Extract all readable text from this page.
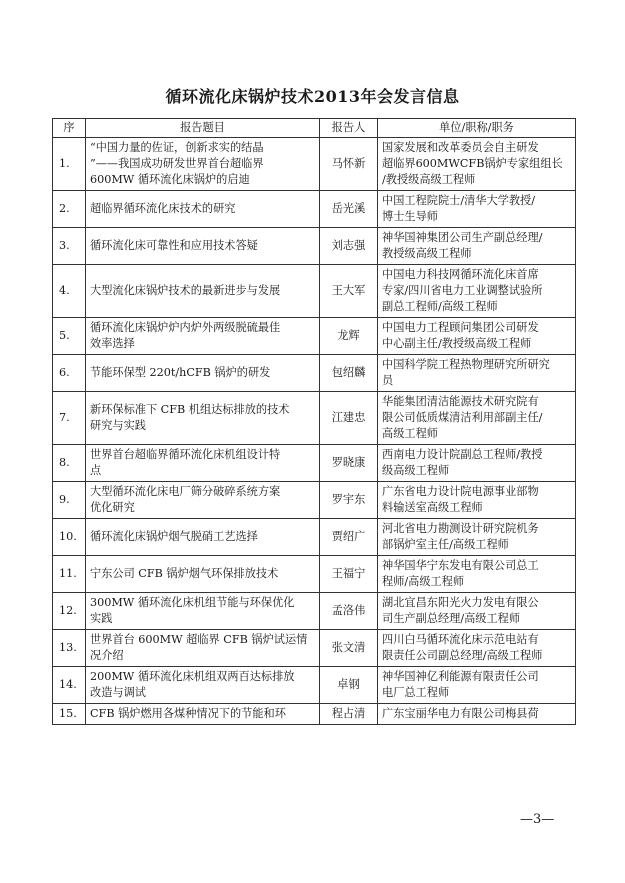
循环流化床锅炉技术2013年会发言信息
序	报告题目	报告人	单位/职称/职务
1.	“中国力量的佐证，创新求实的结晶
”——我国成功研发世界首台超临界
600MW 循环流化床锅炉的启迪	马怀新	国家发展和改革委员会自主研发
超临界600MWCFB锅炉专家组组长
/教授级高级工程师

2.	超临界循环流化床技术的研究	岳光溪	中国工程院院士/清华大学教授/
博士生导师

3.	循环流化床可靠性和应用技术答疑	刘志强	神华国神集团公司生产副总经理/
教授级高级工程师

4.	大型流化床锅炉技术的最新进步与发展	王大军	中国电力科技网循环流化床首席
专家/四川省电力工业调整试验所
副总工程师/高级工程师

5.	循环流化床锅炉炉内炉外两级脱硫最佳
效率选择	龙辉	中国电力工程顾问集团公司研发
中心副主任/教授级高级工程师

6.	节能环保型 220t/hCFB 锅炉的研发	包绍麟	中国科学院工程热物理研究所研究
员

7.	新环保标准下 CFB 机组达标排放的技术
研究与实践	江建忠	华能集团清洁能源技术研究院有
限公司低质煤清洁利用部副主任/
高级工程师

8.	世界首台超临界循环流化床机组设计特
点	罗晓康	西南电力设计院副总工程师/教授
级高级工程师

9.	大型循环流化床电厂筛分破碎系统方案
优化研究	罗宇东	广东省电力设计院电源事业部物
料输送室高级工程师

10.	循环流化床锅炉烟气脱硝工艺选择	贾绍广	河北省电力勘测设计研究院机务
部锅炉室主任/高级工程师

11.	宁东公司 CFB 锅炉烟气环保排放技术	王福宁	神华国华宁东发电有限公司总工
程师/高级工程师

12.	300MW 循环流化床机组节能与环保优化
实践	孟洛伟	湖北宜昌东阳光火力发电有限公
司生产副总经理/高级工程师

13.	世界首台 600MW 超临界 CFB 锅炉试运情
况介绍	张文清	四川白马循环流化床示范电站有
限责任公司副总经理/高级工程师

14.	200MW 循环流化床机组双两百达标排放
改造与调试	卓钢	神华国神亿利能源有限责任公司
电厂总工程师

15.	CFB 锅炉燃用各煤种情况下的节能和环	程占清	广东宝丽华电力有限公司梅县荷
—3—
